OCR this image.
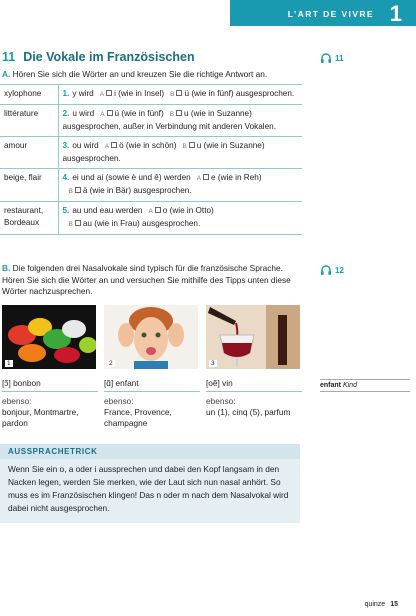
L’ART DE VIVRE 1
11 Die Vokale im Französischen	11
A. Hören Sie sich die Wörter an und kreuzen Sie die richtige Antwort an.
xylophone	1. y wird A i (wie in Insel) B ü (wie in fünf) ausgesprochen.
littérature	2. u wird A ü (wie in fünf) B u (wie in Suzanne) ausgesprochen, außer in Verbindung mit anderen Vokalen.
amour	3. ou wird A ö (wie in schön) B u (wie in Suzanne) ausgesprochen.
beige, flair	4. ei und ai (sowie è und ê) werden A e (wie in Reh)B ä (wie in Bär) ausgesprochen.
restaurant, Bordeaux	5. au und eau werden A o (wie in Otto)B au (wie in Frau) ausgesprochen.
B. Die folgenden drei Nasalvokale sind typisch für die französische Sprache. Hören Sie sich die Wörter an und versuchen Sie mithilfe des Tipps unten diese Wörter nachzusprechen.
12
1	2	3
[ɔ̃] bonbon
ebenso:
bonjour, Montmartre, pardon
[ɑ̃] enfant
ebenso:
France, Provence, champagne
[oẽ] vin
ebenso:
un (1), cinq (5), parfum
enfant Kind
AUSSPRACHETRICK
Wenn Sie ein o, a oder i aussprechen und dabei den Kopf langsam in den Nacken legen, werden Sie merken, wie der Laut sich nun nasal anhört. So muss es im Französischen klingen! Das n oder m nach dem Nasalvokal wird dabei nicht ausgesprochen.
quinze 15
